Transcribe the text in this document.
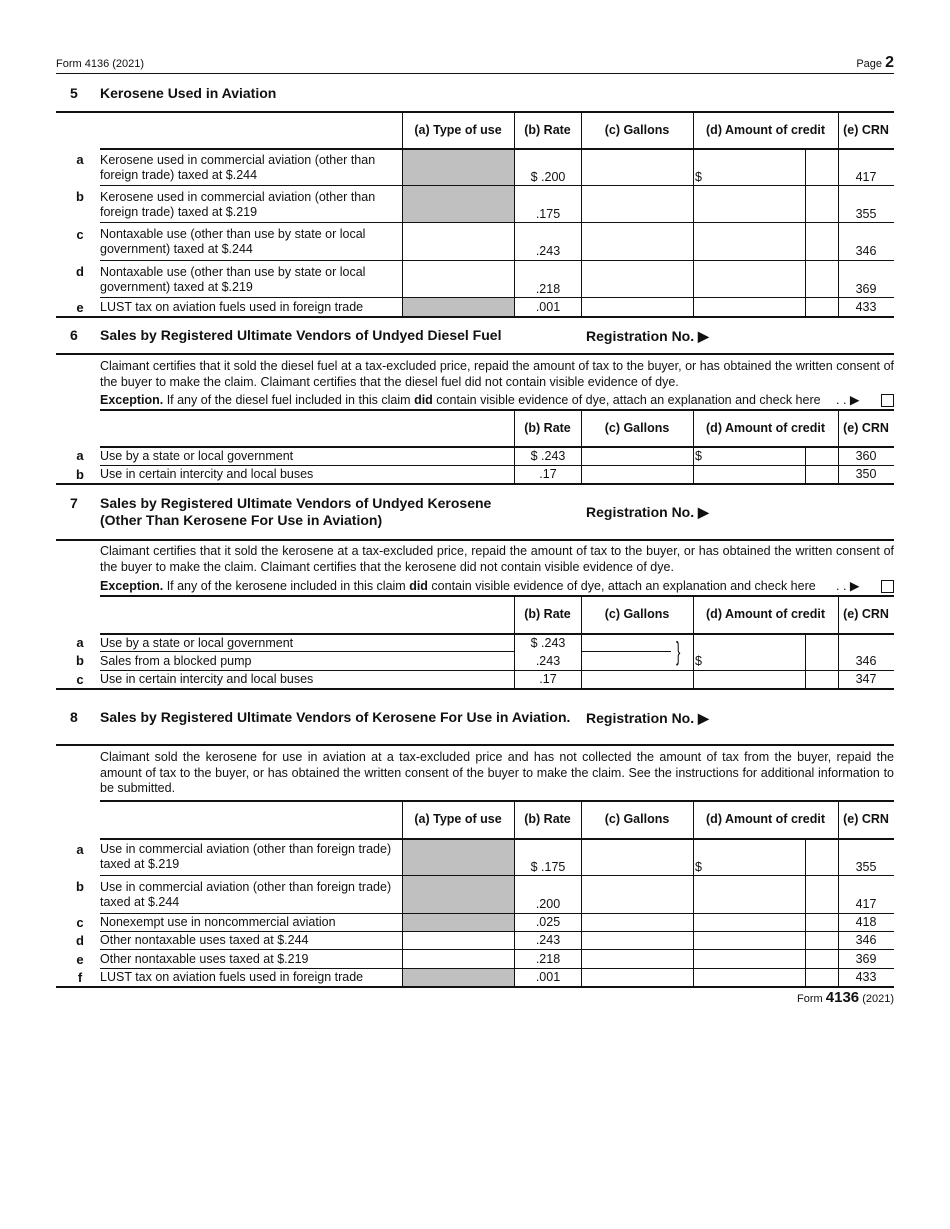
Form 4136 (2021)	Page 2
5 Kerosene Used in Aviation
(a) Type of use	(b) Rate	(c) Gallons	(d) Amount of credit	(e) CRN
a	Kerosene used in commercial aviation (other than
foreign trade) taxed at $.244	$ .200	$	417
b	Kerosene used in commercial aviation (other than
foreign trade) taxed at $.219	.175	355
c	Nontaxable use (other than use by state or local
government) taxed at $.244	.243	346
d	Nontaxable use (other than use by state or local
government) taxed at $.219	.218	369
e	LUST tax on aviation fuels used in foreign trade	.001	433
6 Sales by Registered Ultimate Vendors of Undyed Diesel Fuel	Registration No. ▶
Claimant certifies that it sold the diesel fuel at a tax-excluded price, repaid the amount of tax to the buyer, or has obtained the written consent of the buyer to make the claim. Claimant certifies that the diesel fuel did not contain visible evidence of dye.
Exception. If any of the diesel fuel included in this claim did contain visible evidence of dye, attach an explanation and check here . . ▶
(b) Rate	(c) Gallons	(d) Amount of credit	(e) CRN
a	Use by a state or local government	$ .243	$	360
b	Use in certain intercity and local buses	.17	350
7 Sales by Registered Ultimate Vendors of Undyed Kerosene
(Other Than Kerosene For Use in Aviation)	Registration No. ▶
Claimant certifies that it sold the kerosene at a tax-excluded price, repaid the amount of tax to the buyer, or has obtained the written consent of the buyer to make the claim. Claimant certifies that the kerosene did not contain visible evidence of dye.
Exception. If any of the kerosene included in this claim did contain visible evidence of dye, attach an explanation and check here . . ▶
(b) Rate	(c) Gallons	(d) Amount of credit	(e) CRN
}
a	Use by a state or local government	$ .243
b	Sales from a blocked pump	.243	$	346
c	Use in certain intercity and local buses	.17	347
8 Sales by Registered Ultimate Vendors of Kerosene For Use in Aviation. Registration No. ▶
Claimant sold the kerosene for use in aviation at a tax-excluded price and has not collected the amount of tax from the buyer, repaid the amount of tax to the buyer, or has obtained the written consent of the buyer to make the claim. See the instructions for additional information to be submitted.
(a) Type of use	(b) Rate	(c) Gallons	(d) Amount of credit	(e) CRN
a	Use in commercial aviation (other than foreign trade)
taxed at $.219	$ .175	$	355
b	Use in commercial aviation (other than foreign trade)
taxed at $.244	.200	417
c	Nonexempt use in noncommercial aviation	.025	418
d	Other nontaxable uses taxed at $.244	.243	346
e	Other nontaxable uses taxed at $.219	.218	369
f	LUST tax on aviation fuels used in foreign trade	.001	433
Form 4136 (2021)
